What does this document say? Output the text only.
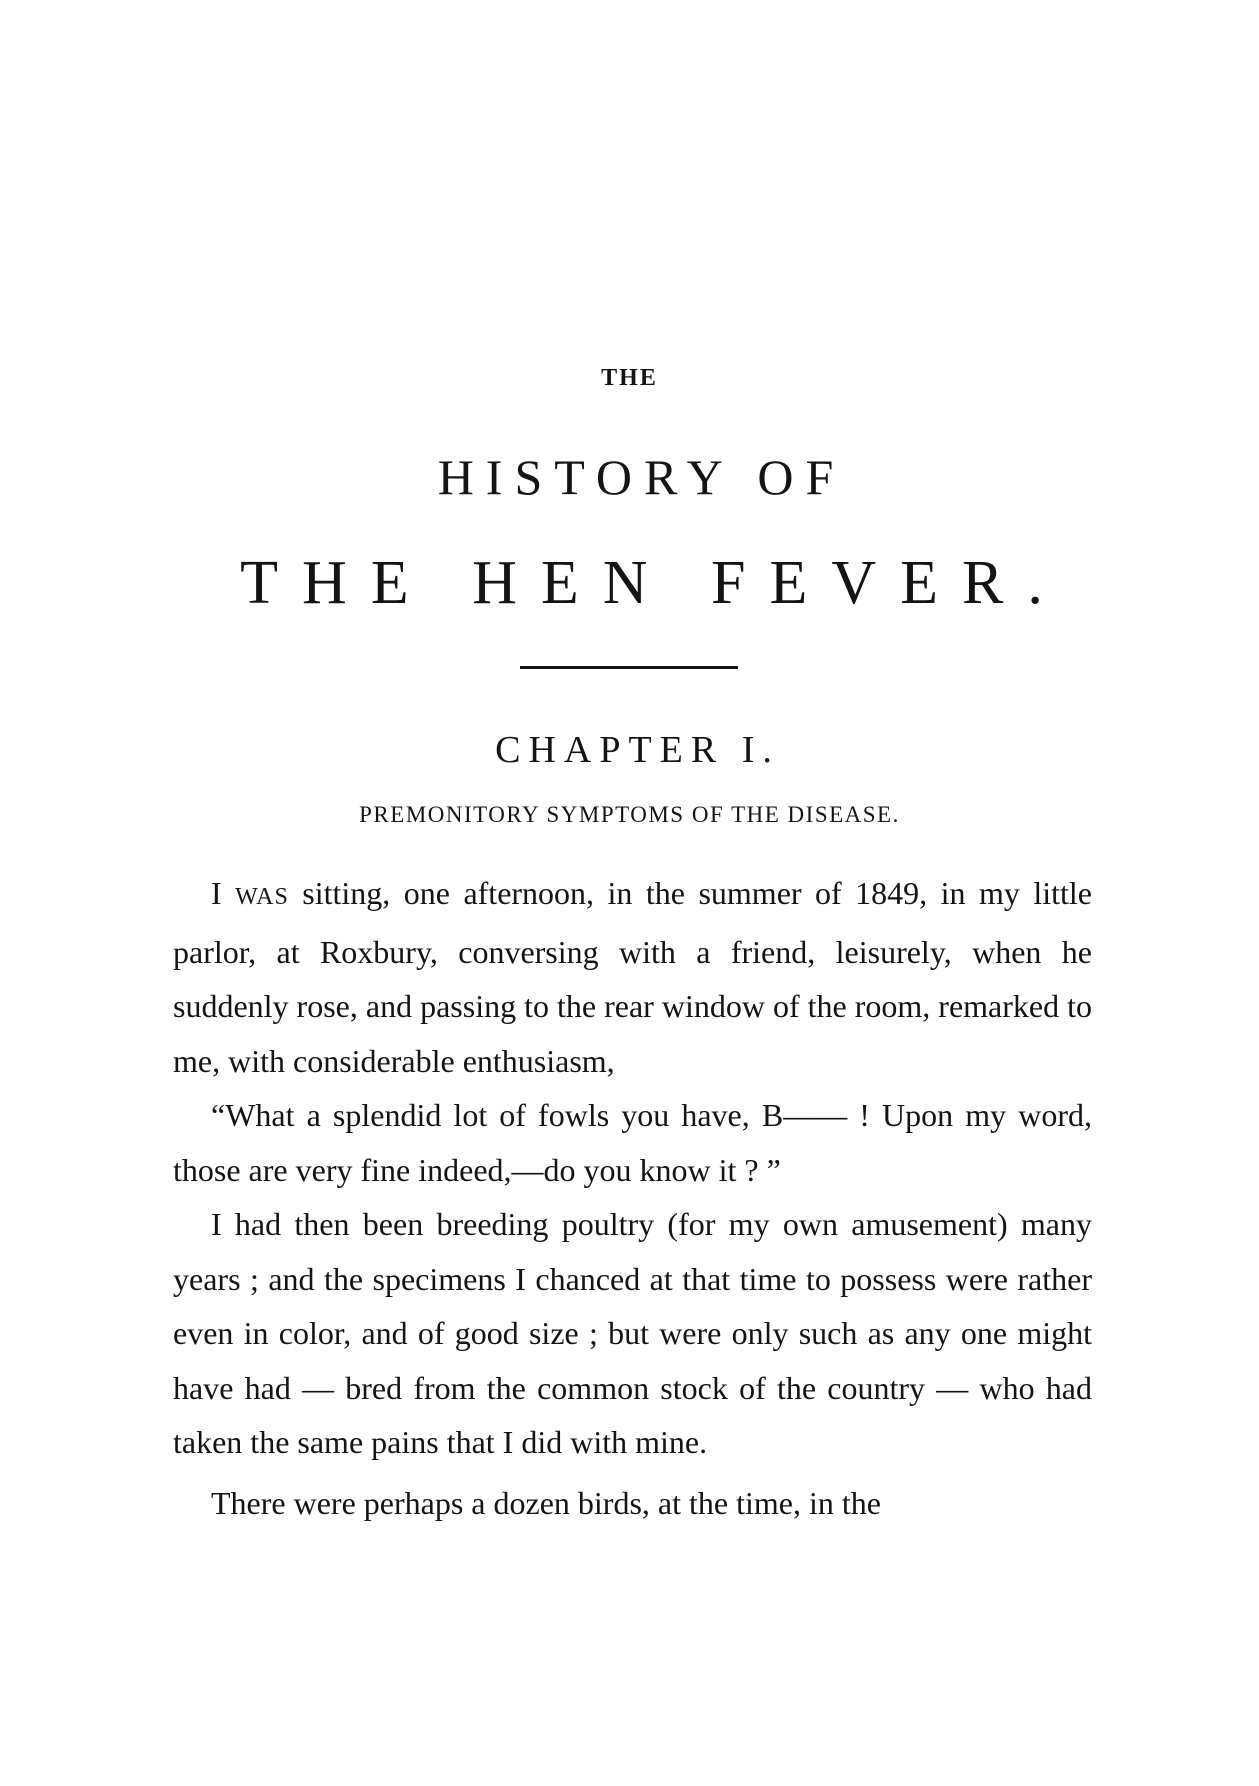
THE
HISTORY OF
THE HEN FEVER.
CHAPTER I.
PREMONITORY SYMPTOMS OF THE DISEASE.

I WAS sitting, one afternoon, in the summer of 1849, in my little parlor, at Roxbury, conversing with a friend, leisurely, when he suddenly rose, and passing to the rear window of the room, remarked to me, with considerable enthusiasm,

“What a splendid lot of fowls you have, B—— ! Upon my word, those are very fine indeed,—do you know it ? ”

I had then been breeding poultry (for my own amusement) many years ; and the specimens I chanced at that time to possess were rather even in color, and of good size ; but were only such as any one might have had — bred from the common stock of the country — who had taken the same pains that I did with mine.

There were perhaps a dozen birds, at the time, in the
